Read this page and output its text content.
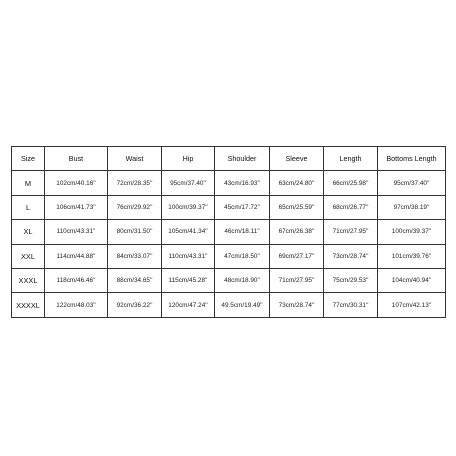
Size	Bust	Waist	Hip	Shoulder	Sleeve	Length	Bottoms Length
M	102cm/40.16''	72cm/28.35''	95cm/37.40''	43cm/16.93''	63cm/24.80''	66cm/25.98''	95cm/37.40''
L	106cm/41.73''	76cm/29.92''	100cm/39.37''	45cm/17.72''	65cm/25.59''	68cm/26.77''	97cm/38.19''
XL	110cm/43.31''	80cm/31.50''	105cm/41.34''	46cm/18.11''	67cm/26.38''	71cm/27.95''	100cm/39.37''
XXL	114cm/44.88''	84cm/33.07''	110cm/43.31''	47cm/18.50''	69cm/27.17''	73cm/28.74''	101cm/39.76''
XXXL	118cm/46.46''	88cm/34.65''	115cm/45.28''	48cm/18.90''	71cm/27.95''	75cm/29.53''	104cm/40.94''
XXXXL	122cm/48.03''	92cm/36.22''	120cm/47.24''	49.5cm/19.49''	73cm/28.74''	77cm/30.31''	107cm/42.13''
